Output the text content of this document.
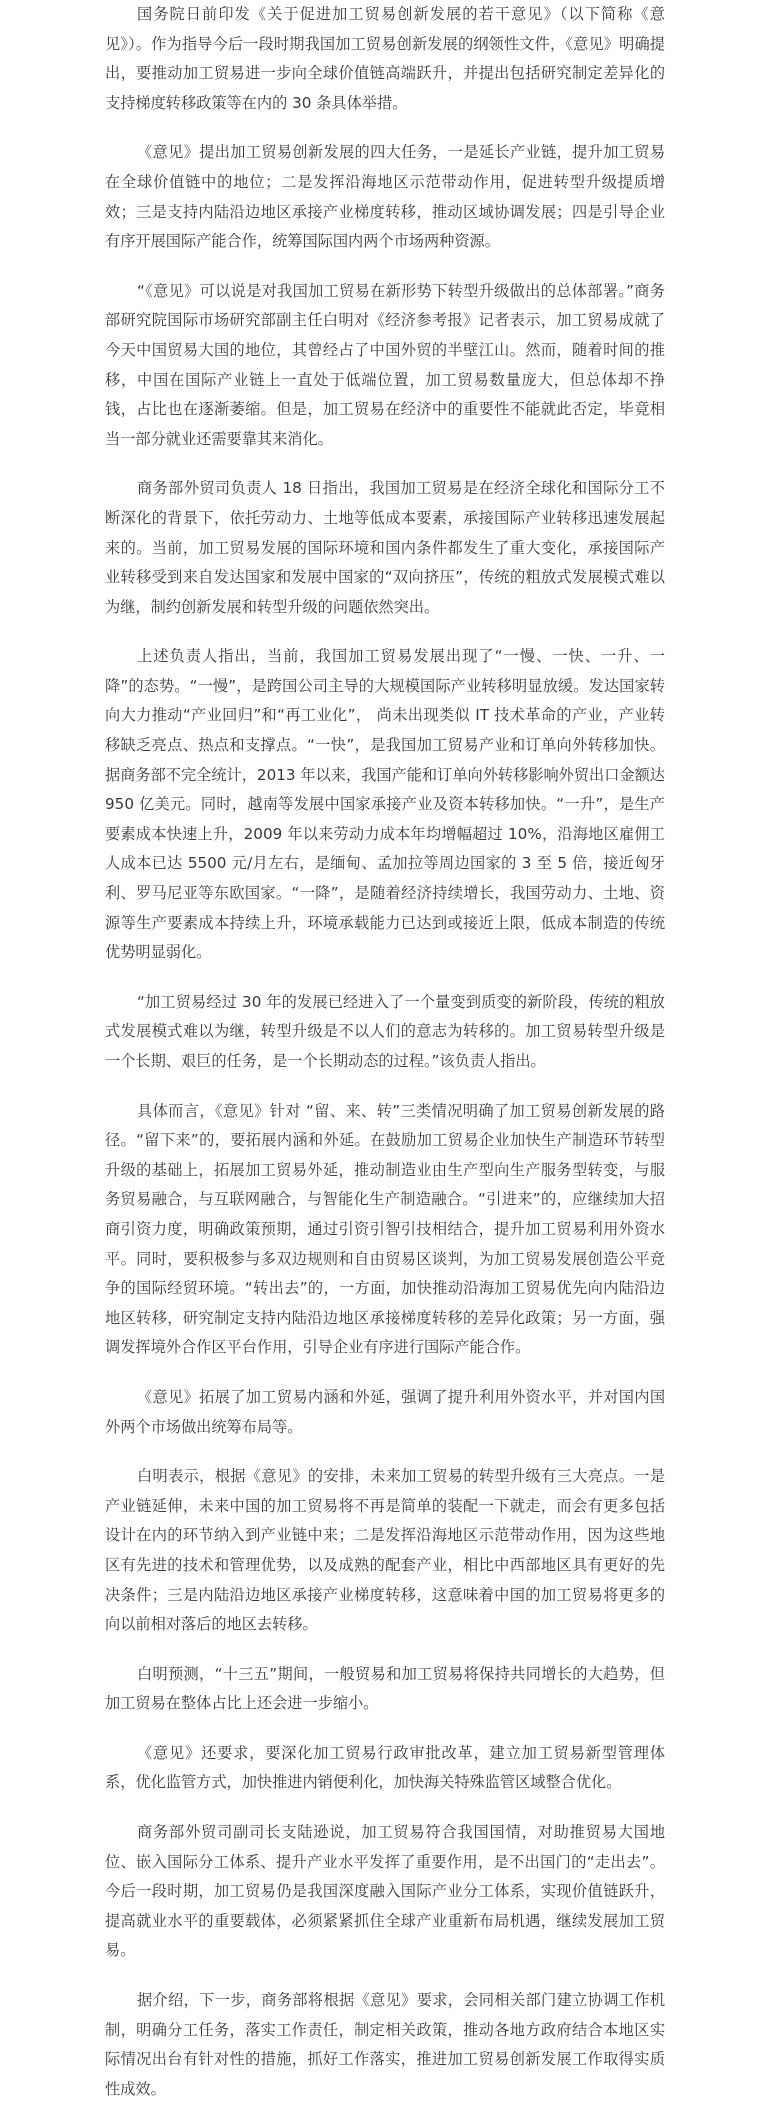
国务院日前印发《关于促进加工贸易创新发展的若干意见》（以下简称《意见》）。作为指导今后一段时期我国加工贸易创新发展的纲领性文件，《意见》明确提出，要推动加工贸易进一步向全球价值链高端跃升，并提出包括研究制定差异化的支持梯度转移政策等在内的 30 条具体举措。

《意见》提出加工贸易创新发展的四大任务，一是延长产业链，提升加工贸易在全球价值链中的地位；二是发挥沿海地区示范带动作用，促进转型升级提质增效；三是支持内陆沿边地区承接产业梯度转移，推动区域协调发展；四是引导企业有序开展国际产能合作，统筹国际国内两个市场两种资源。

“《意见》可以说是对我国加工贸易在新形势下转型升级做出的总体部署。”商务部研究院国际市场研究部副主任白明对《经济参考报》记者表示，加工贸易成就了今天中国贸易大国的地位，其曾经占了中国外贸的半壁江山。然而，随着时间的推移，中国在国际产业链上一直处于低端位置，加工贸易数量庞大，但总体却不挣钱，占比也在逐渐萎缩。但是，加工贸易在经济中的重要性不能就此否定，毕竟相当一部分就业还需要靠其来消化。

商务部外贸司负责人 18 日指出，我国加工贸易是在经济全球化和国际分工不断深化的背景下，依托劳动力、土地等低成本要素，承接国际产业转移迅速发展起来的。当前，加工贸易发展的国际环境和国内条件都发生了重大变化，承接国际产业转移受到来自发达国家和发展中国家的“双向挤压”，传统的粗放式发展模式难以为继，制约创新发展和转型升级的问题依然突出。

上述负责人指出，当前，我国加工贸易发展出现了“一慢、一快、一升、一降”的态势。“一慢”，是跨国公司主导的大规模国际产业转移明显放缓。发达国家转向大力推动“产业回归”和“再工业化”， 尚未出现类似 IT 技术革命的产业，产业转移缺乏亮点、热点和支撑点。“一快”，是我国加工贸易产业和订单向外转移加快。据商务部不完全统计，2013 年以来，我国产能和订单向外转移影响外贸出口金额达 950 亿美元。同时，越南等发展中国家承接产业及资本转移加快。“一升”，是生产要素成本快速上升，2009 年以来劳动力成本年均增幅超过 10%，沿海地区雇佣工人成本已达 5500 元/月左右，是缅甸、孟加拉等周边国家的 3 至 5 倍，接近匈牙利、罗马尼亚等东欧国家。“一降”，是随着经济持续增长，我国劳动力、土地、资源等生产要素成本持续上升，环境承载能力已达到或接近上限，低成本制造的传统优势明显弱化。

“加工贸易经过 30 年的发展已经进入了一个量变到质变的新阶段，传统的粗放式发展模式难以为继，转型升级是不以人们的意志为转移的。加工贸易转型升级是一个长期、艰巨的任务，是一个长期动态的过程。”该负责人指出。

具体而言，《意见》针对 “留、来、转”三类情况明确了加工贸易创新发展的路径。“留下来”的，要拓展内涵和外延。在鼓励加工贸易企业加快生产制造环节转型升级的基础上，拓展加工贸易外延，推动制造业由生产型向生产服务型转变，与服务贸易融合，与互联网融合，与智能化生产制造融合。“引进来”的，应继续加大招商引资力度，明确政策预期，通过引资引智引技相结合，提升加工贸易利用外资水平。同时，要积极参与多双边规则和自由贸易区谈判，为加工贸易发展创造公平竞争的国际经贸环境。“转出去”的，一方面，加快推动沿海加工贸易优先向内陆沿边地区转移，研究制定支持内陆沿边地区承接梯度转移的差异化政策；另一方面，强调发挥境外合作区平台作用，引导企业有序进行国际产能合作。

《意见》拓展了加工贸易内涵和外延，强调了提升利用外资水平，并对国内国外两个市场做出统筹布局等。

白明表示，根据《意见》的安排，未来加工贸易的转型升级有三大亮点。一是产业链延伸，未来中国的加工贸易将不再是简单的装配一下就走，而会有更多包括设计在内的环节纳入到产业链中来；二是发挥沿海地区示范带动作用，因为这些地区有先进的技术和管理优势，以及成熟的配套产业，相比中西部地区具有更好的先决条件；三是内陆沿边地区承接产业梯度转移，这意味着中国的加工贸易将更多的向以前相对落后的地区去转移。

白明预测，“十三五”期间，一般贸易和加工贸易将保持共同增长的大趋势，但加工贸易在整体占比上还会进一步缩小。

《意见》还要求，要深化加工贸易行政审批改革，建立加工贸易新型管理体系，优化监管方式，加快推进内销便利化，加快海关特殊监管区域整合优化。

商务部外贸司副司长支陆逊说，加工贸易符合我国国情，对助推贸易大国地位、嵌入国际分工体系、提升产业水平发挥了重要作用，是不出国门的“走出去”。今后一段时期，加工贸易仍是我国深度融入国际产业分工体系，实现价值链跃升，提高就业水平的重要载体，必须紧紧抓住全球产业重新布局机遇，继续发展加工贸易。

据介绍，下一步，商务部将根据《意见》要求，会同相关部门建立协调工作机制，明确分工任务，落实工作责任，制定相关政策，推动各地方政府结合本地区实际情况出台有针对性的措施，抓好工作落实，推进加工贸易创新发展工作取得实质性成效。
